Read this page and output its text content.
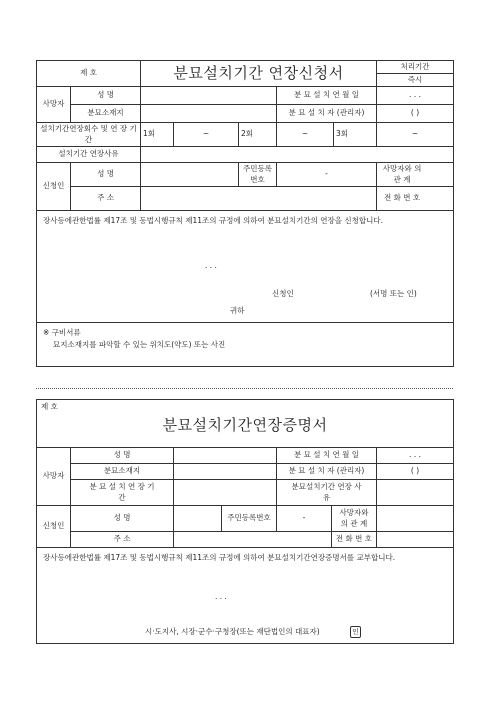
제 호		분묘설치기간 연장신청서					처리기간
즉시

사망자	성 명				분 묘 설 치 연 월 일		. . .
	분묘소재지				분 묘 설 치 자 (관리자)		( )
설치기간연장회수 및 연 장 기 간		1회	~	2회	~	3회	~
설치기간 연장사유							
신청인	성 명			주민등록번호	-		사망자와 의 관 계
	주 소						전 화 번 호

장사등에관한법률 제17조 및 동법시행규칙 제11조의 규정에 의하여 분묘설치기간의 연장을 신청합니다.
. . .
신청인 (서명 또는 인)
귀하							

※ 구비서류
묘지소재지를 파악할 수 있는 위치도(약도) 또는 사진							
제 호
분묘설치기간연장증명서						

사망자	성 명			분 묘 설 치 연 월 일		. . .
	분묘소재지			분 묘 설 치 자 (관리자)		( )
	분 묘 설 치 연 장 기 간			분묘설치기간 연장 사유		
신청인	성 명		주민등록번호	-	사망자와의 관 계	
	주 소				전 화 번 호	

장사등에관한법률 제17조 및 동법시행규칙 제11조의 규정에 의하여 분묘설치기간연장증명서를 교부합니다.
. . .
시·도지사, 시장·군수·구청장(또는 재단법인의 대표자) 인						
